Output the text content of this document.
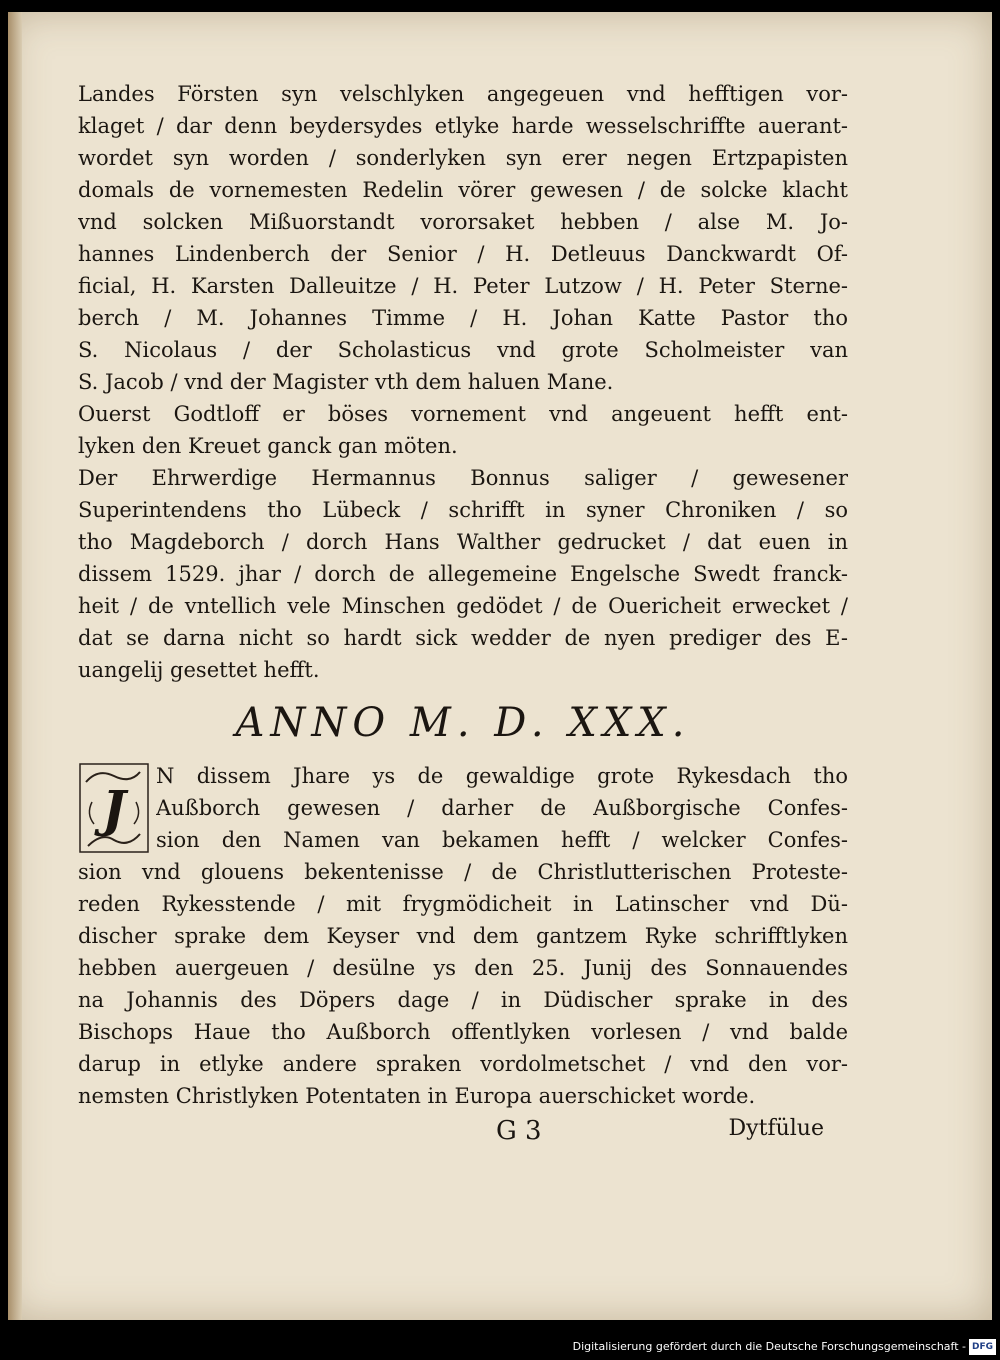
Landes Försten syn velschlyken angegeuen vnd hefftigen vor-
klaget / dar denn beydersydes etlyke harde wesselschriffte auerant-
wordet syn worden / sonderlyken syn erer negen Ertzpapisten
domals de vornemesten Redelin vörer gewesen / de solcke klacht
vnd solcken Mißuorstandt vororsaket hebben / alse M. Jo-
hannes Lindenberch der Senior / H. Detleuus Danckwardt Of-
ficial, H. Karsten Dalleuitze / H. Peter Lutzow / H. Peter Sterne-
berch / M. Johannes Timme / H. Johan Katte Pastor tho
S. Nicolaus / der Scholasticus vnd grote Scholmeister van
S. Jacob / vnd der Magister vth dem haluen Mane.
Ouerst Godtloff er böses vornement vnd angeuent hefft ent-
lyken den Kreuet ganck gan möten.
Der Ehrwerdige Hermannus Bonnus saliger / gewesener
Superintendens tho Lübeck / schrifft in syner Chroniken / so
tho Magdeborch / dorch Hans Walther gedrucket / dat euen in
dissem 1529. jhar / dorch de allegemeine Engelsche Swedt franck-
heit / de vntellich vele Minschen gedödet / de Ouericheit erwecket /
dat se darna nicht so hardt sick wedder de nyen prediger des E-
uangelij gesettet hefft.
ANNO M. D. XXX.
J
N dissem Jhare ys de gewaldige grote Rykesdach tho
Außborch gewesen / darher de Außborgische Confes-
sion den Namen van bekamen hefft / welcker Confes-
sion vnd glouens bekentenisse / de Christlutterischen Proteste-
reden Rykesstende / mit frygmödicheit in Latinscher vnd Dü-
discher sprake dem Keyser vnd dem gantzem Ryke schrifftlyken
hebben auergeuen / desülne ys den 25. Junij des Sonnauendes
na Johannis des Döpers dage / in Düdischer sprake in des
Bischops Haue tho Außborch offentlyken vorlesen / vnd balde
darup in etlyke andere spraken vordolmetschet / vnd den vor-
nemsten Christlyken Potentaten in Europa auerschicket worde.
G 3	Dytfülue
Digitalisierung gefördert durch die Deutsche Forschungsgemeinschaft - DFG
